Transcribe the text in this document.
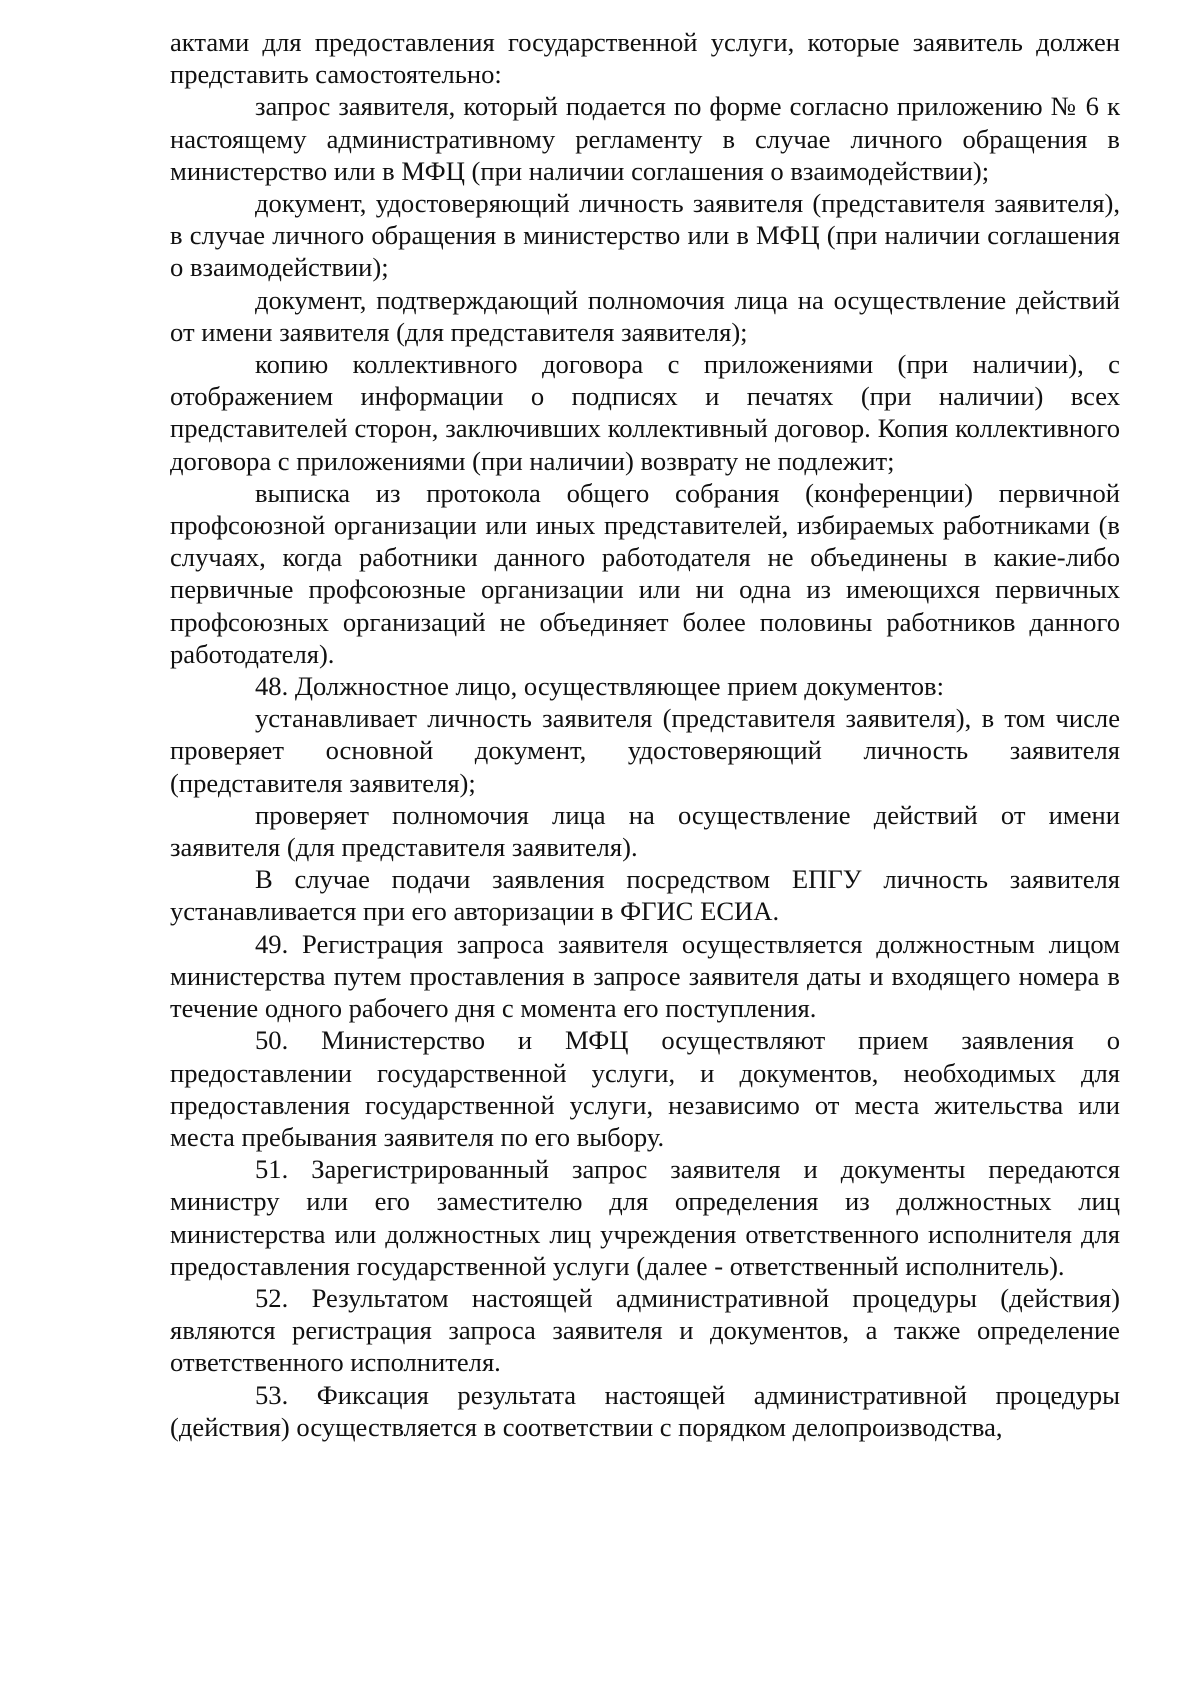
актами для предоставления государственной услуги, которые заявитель должен представить самостоятельно:

запрос заявителя, который подается по форме согласно приложению № 6 к настоящему административному регламенту в случае личного обращения в министерство или в МФЦ (при наличии соглашения о взаимодействии);

документ, удостоверяющий личность заявителя (представителя заявителя), в случае личного обращения в министерство или в МФЦ (при наличии соглашения о взаимодействии);

документ, подтверждающий полномочия лица на осуществление действий от имени заявителя (для представителя заявителя);

копию коллективного договора с приложениями (при наличии), с отображением информации о подписях и печатях (при наличии) всех представителей сторон, заключивших коллективный договор. Копия коллективного договора с приложениями (при наличии) возврату не подлежит;

выписка из протокола общего собрания (конференции) первичной профсоюзной организации или иных представителей, избираемых работниками (в случаях, когда работники данного работодателя не объединены в какие-либо первичные профсоюзные организации или ни одна из имеющихся первичных профсоюзных организаций не объединяет более половины работников данного работодателя).

48. Должностное лицо, осуществляющее прием документов:

устанавливает личность заявителя (представителя заявителя), в том числе проверяет основной документ, удостоверяющий личность заявителя (представителя заявителя);

проверяет полномочия лица на осуществление действий от имени заявителя (для представителя заявителя).

В случае подачи заявления посредством ЕПГУ личность заявителя устанавливается при его авторизации в ФГИС ЕСИА.

49. Регистрация запроса заявителя осуществляется должностным лицом министерства путем проставления в запросе заявителя даты и входящего номера в течение одного рабочего дня с момента его поступления.

50. Министерство и МФЦ осуществляют прием заявления о предоставлении государственной услуги, и документов, необходимых для предоставления государственной услуги, независимо от места жительства или места пребывания заявителя по его выбору.

51. Зарегистрированный запрос заявителя и документы передаются министру или его заместителю для определения из должностных лиц министерства или должностных лиц учреждения ответственного исполнителя для предоставления государственной услуги (далее - ответственный исполнитель).

52. Результатом настоящей административной процедуры (действия) являются регистрация запроса заявителя и документов, а также определение ответственного исполнителя.

53. Фиксация результата настоящей административной процедуры (действия) осуществляется в соответствии с порядком делопроизводства,
